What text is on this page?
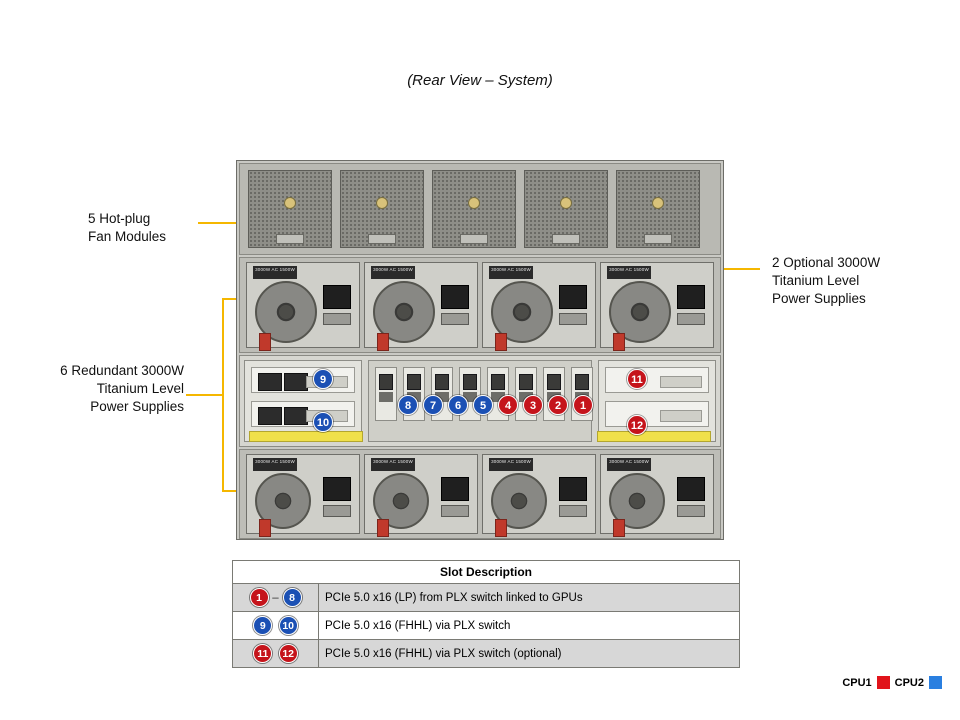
(Rear View – System)
5 Hot-plug
Fan Modules
2 Optional 3000W
Titanium Level
Power Supplies
6 Redundant 3000W
Titanium Level
Power Supplies
3000W AC 1500W	3000W AC 1500W	3000W AC 1500W	3000W AC 1500W
3000W AC 1500W	3000W AC 1500W	3000W AC 1500W	3000W AC 1500W
9
10
8	7	6	5	4	3	2	1
11
12
Slot Description	
1 – 8	PCIe 5.0 x16 (LP) from PLX switch linked to GPUs
9 10	PCIe 5.0 x16 (FHHL) via PLX switch
11 12	PCIe 5.0 x16 (FHHL) via PLX switch (optional)
CPU1 CPU2
